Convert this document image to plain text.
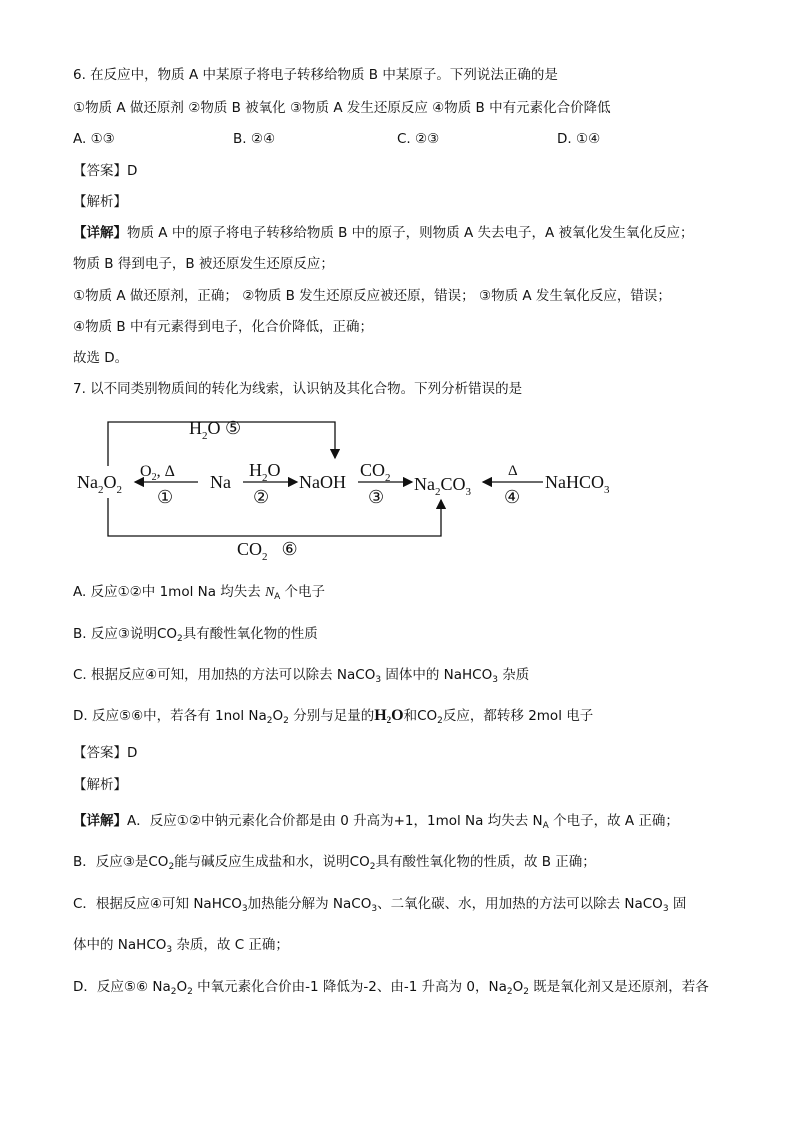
6. 在反应中，物质 A 中某原子将电子转移给物质 B 中某原子。下列说法正确的是
①物质 A 做还原剂 ②物质 B 被氧化 ③物质 A 发生还原反应 ④物质 B 中有元素化合价降低
A. ①③	B. ②④	C. ②③	D. ①④
【答案】D
【解析】
【详解】物质 A 中的原子将电子转移给物质 B 中的原子，则物质 A 失去电子，A 被氧化发生氧化反应；
物质 B 得到电子，B 被还原发生还原反应；
①物质 A 做还原剂，正确； ②物质 B 发生还原反应被还原，错误； ③物质 A 发生氧化反应，错误；
④物质 B 中有元素得到电子，化合价降低，正确；
故选 D。
7. 以不同类别物质间的转化为线索，认识钠及其化合物。下列分析错误的是
$H_2O$ ⑤
$Na_2O_2$
$O_2$, Δ
①
Na
$H_2O$
②
NaOH
$CO_2$
③
$Na_2CO_3$
Δ
④
NaHCO$_3$
$CO_2$ ⑥
A. 反应①②中 1mol Na 均失去 $N_A$ 个电子
B. 反应③说明$CO_2$具有酸性氧化物的性质
C. 根据反应④可知，用加热的方法可以除去 NaCO$_3$ 固体中的 NaHCO$_3$ 杂质
D. 反应⑤⑥中，若各有 1nol $Na_2O_2$ 分别与足量的$H_2O$和$CO_2$反应，都转移 2mol 电子
【答案】D
【解析】
【详解】A．反应①②中钠元素化合价都是由 0 升高为+1，1mol Na 均失去 $N_A$ 个电子，故 A 正确；
B．反应③是$CO_2$能与碱反应生成盐和水，说明$CO_2$具有酸性氧化物的性质，故 B 正确；
C．根据反应④可知 NaHCO$_3$加热能分解为 NaCO$_3$、二氧化碳、水，用加热的方法可以除去 NaCO$_3$ 固
体中的 NaHCO$_3$ 杂质，故 C 正确；
D．反应⑤⑥ $Na_2O_2$ 中氧元素化合价由-1 降低为-2、由-1 升高为 0，$Na_2O_2$ 既是氧化剂又是还原剂，若各
